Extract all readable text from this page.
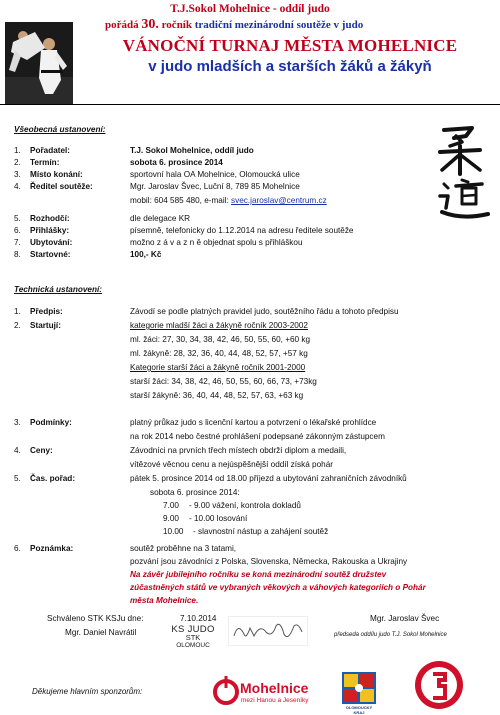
T.J.Sokol Mohelnice - oddíl judo
pořádá 30. ročník tradiční mezinárodní soutěže v judo
VÁNOČNÍ TURNAJ MĚSTA MOHELNICE
v judo mladších a starších žáků a žákyň
Všeobecná ustanovení:
1. Pořadatel:	T.J. Sokol Mohelnice, oddíl judo
2. Termín:	sobota 6. prosince 2014
3. Místo konání:	sportovní hala OA Mohelnice, Olomoucká ulice
4. Ředitel soutěže:	Mgr. Jaroslav Švec, Luční 8, 789 85 Mohelnice
mobil: 604 585 480, e-mail: svec.jaroslav@centrum.cz
5. Rozhodčí:	dle delegace KR
6. Přihlášky:	písemně, telefonicky do 1.12.2014 na adresu ředitele soutěže
7. Ubytování:	možno z á v a z n ě objednat spolu s přihláškou
8. Startovné:	100,- Kč
Technická ustanovení:
1. Předpis:	Závodí se podle platných pravidel judo, soutěžního řádu a tohoto předpisu
2. Startují:	kategorie mladší žáci a žákyně ročník 2003-2002
ml. žáci: 27, 30, 34, 38, 42, 46, 50, 55, 60, +60 kg
ml. žákyně: 28, 32, 36, 40, 44, 48, 52, 57, +57 kg
Kategorie starší žáci a žákyně ročník 2001-2000
starší žáci: 34, 38, 42, 46, 50, 55, 60, 66, 73, +73kg
starší žákyně: 36, 40, 44, 48, 52, 57, 63, +63 kg
3. Podmínky:	platný průkaz judo s licenční kartou a potvrzení o lékařské prohlídce
na rok 2014 nebo čestné prohlášení podepsané zákonným zástupcem
4. Ceny:	Závodníci na prvních třech místech obdrží diplom a medaili,
vítězové věcnou cenu a nejúspěšnější oddíl získá pohár
5. Čas. pořad:	pátek 5. prosince 2014 od 18.00 příjezd a ubytování zahraničních závodníků
sobota 6. prosince 2014:
7.00 - 9.00 vážení, kontrola dokladů
9.00 - 10.00 losování
10.00 - slavnostní nástup a zahájení soutěž
6. Poznámka:	soutěž proběhne na 3 tatami,
pozvání jsou závodníci z Polska, Slovenska, Německa, Rakouska a Ukrajiny
Na závěr jubilejního ročníku se koná mezinárodní soutěž družstev
zúčastněných států ve vybraných věkových a váhových kategoriích o Pohár
města Mohelnice.
Schváleno STK KSJu dne:	7.10.2014
Mgr. Daniel Navrátil
Mgr. Jaroslav Švec
předseda oddílu judo T.J. Sokol Mohelnice
KS JUDO
STK
OLOMOUC
Děkujeme hlavním sponzorům:	Mohelnice
mezi Hanou a Jeseníky
OLOMOUCKÝ KRAJ
